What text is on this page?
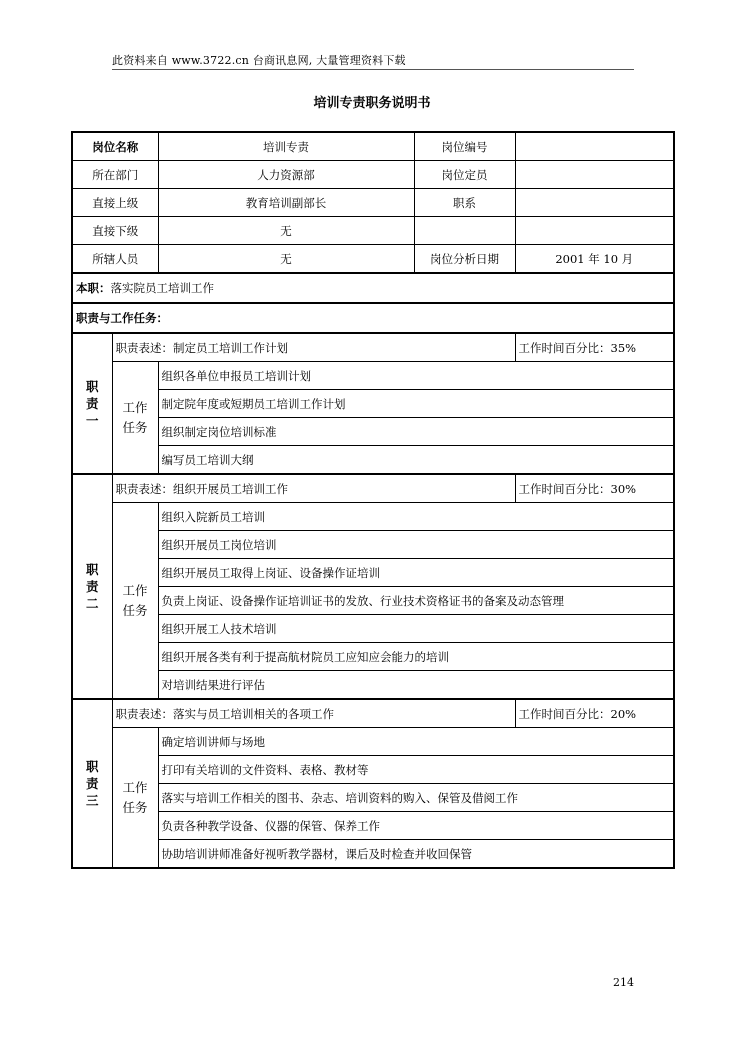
此资料来自 www.3722.cn 台商讯息网, 大量管理资料下载
培训专责职务说明书
岗位名称		培训专责	岗位编号	
所在部门		人力资源部	岗位定员	
直接上级		教育培训副部长	职系	
直接下级		无		
所辖人员		无	岗位分析日期	2001 年 10 月
本职：落实院员工培训工作				
职责与工作任务：				

职
责
一	职责表述：制定员工培训工作计划			工作时间百分比：35%

	工作
任务	组织各单位申报员工培训计划		
		制定院年度或短期员工培训工作计划		
		组织制定岗位培训标准		
		编写员工培训大纲		

职
责
二	职责表述：组织开展员工培训工作			工作时间百分比：30%

	工作
任务	组织入院新员工培训		
		组织开展员工岗位培训		
		组织开展员工取得上岗证、设备操作证培训		
		负责上岗证、设备操作证培训证书的发放、行业技术资格证书的备案及动态管理		
		组织开展工人技术培训		
		组织开展各类有利于提高航材院员工应知应会能力的培训		
		对培训结果进行评估		

职
责
三	职责表述：落实与员工培训相关的各项工作			工作时间百分比：20%

	工作
任务	确定培训讲师与场地		
		打印有关培训的文件资料、表格、教材等		
		落实与培训工作相关的图书、杂志、培训资料的购入、保管及借阅工作		
		负责各种教学设备、仪器的保管、保养工作		
		协助培训讲师准备好视听教学器材，课后及时检查并收回保管		
214
